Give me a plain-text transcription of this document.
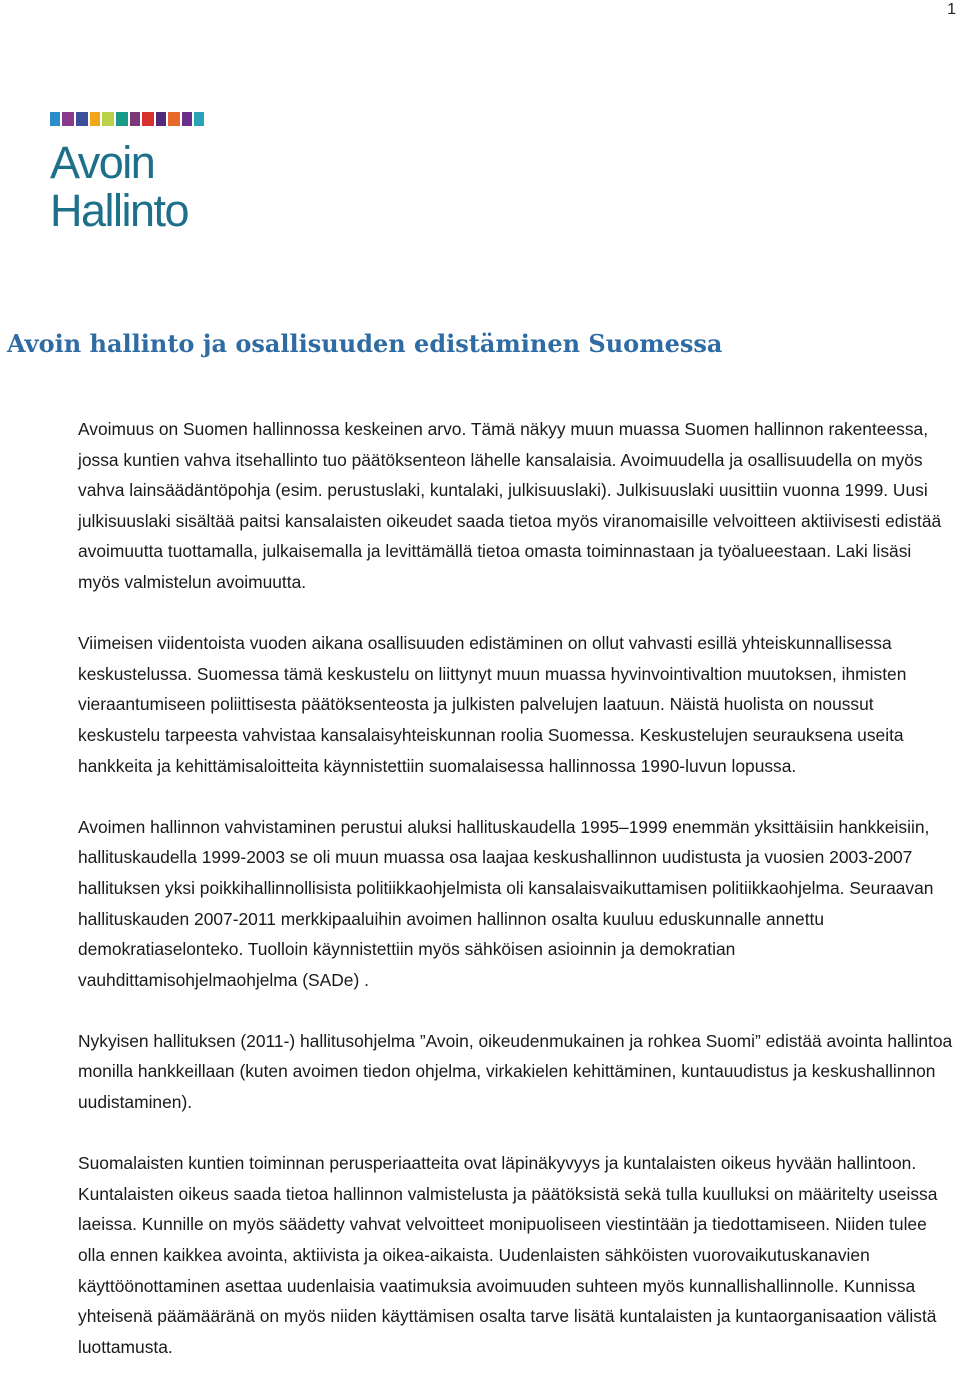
1
Avoin
Hallinto
Avoin hallinto ja osallisuuden edistäminen Suomessa

Avoimuus on Suomen hallinnossa keskeinen arvo. Tämä näkyy muun muassa Suomen hallinnon rakenteessa, jossa kuntien vahva itsehallinto tuo päätöksenteon lähelle kansalaisia. Avoimuudella ja osallisuudella on myös vahva lainsäädäntöpohja (esim. perustuslaki, kuntalaki, julkisuuslaki). Julkisuuslaki uusittiin vuonna 1999. Uusi julkisuuslaki sisältää paitsi kansalaisten oikeudet saada tietoa myös viranomaisille velvoitteen aktiivisesti edistää avoimuutta tuottamalla, julkaisemalla ja levittämällä tietoa omasta toiminnastaan ja työalueestaan. Laki lisäsi myös valmistelun avoimuutta.

Viimeisen viidentoista vuoden aikana osallisuuden edistäminen on ollut vahvasti esillä yhteiskunnallisessa keskustelussa. Suomessa tämä keskustelu on liittynyt muun muassa hyvinvointivaltion muutoksen, ihmisten vieraantumiseen poliittisesta päätöksenteosta ja julkisten palvelujen laatuun. Näistä huolista on noussut keskustelu tarpeesta vahvistaa kansalaisyhteiskunnan roolia Suomessa. Keskustelujen seurauksena useita hankkeita ja kehittämisaloitteita käynnistettiin suomalaisessa hallinnossa 1990-luvun lopussa.

Avoimen hallinnon vahvistaminen perustui aluksi hallituskaudella 1995–1999 enemmän yksittäisiin hankkeisiin, hallituskaudella 1999-2003 se oli muun muassa osa laajaa keskushallinnon uudistusta ja vuosien 2003-2007 hallituksen yksi poikkihallinnollisista politiikkaohjelmista oli kansalaisvaikuttamisen politiikkaohjelma. Seuraavan hallituskauden 2007-2011 merkkipaaluihin avoimen hallinnon osalta kuuluu eduskunnalle annettu demokratiaselonteko. Tuolloin käynnistettiin myös sähköisen asioinnin ja demokratian vauhdittamisohjelmaohjelma (SADe) .

Nykyisen hallituksen (2011-) hallitusohjelma ”Avoin, oikeudenmukainen ja rohkea Suomi” edistää avointa hallintoa monilla hankkeillaan (kuten avoimen tiedon ohjelma, virkakielen kehittäminen, kuntauudistus ja keskushallinnon uudistaminen).

Suomalaisten kuntien toiminnan perusperiaatteita ovat läpinäkyvyys ja kuntalaisten oikeus hyvään hallintoon. Kuntalaisten oikeus saada tietoa hallinnon valmistelusta ja päätöksistä sekä tulla kuulluksi on määritelty useissa laeissa. Kunnille on myös säädetty vahvat velvoitteet monipuoliseen viestintään ja tiedottamiseen. Niiden tulee olla ennen kaikkea avointa, aktiivista ja oikea-aikaista. Uudenlaisten sähköisten vuorovaikutuskanavien käyttöönottaminen asettaa uudenlaisia vaatimuksia avoimuuden suhteen myös kunnallishallinnolle. Kunnissa yhteisenä päämääränä on myös niiden käyttämisen osalta tarve lisätä kuntalaisten ja kuntaorganisaation välistä luottamusta.
